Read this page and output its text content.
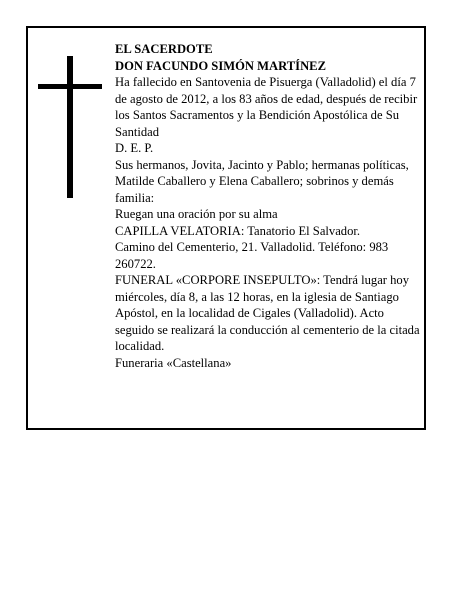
EL SACERDOTE
DON FACUNDO SIMÓN MARTÍNEZ
Ha fallecido en Santovenia de Pisuerga (Valladolid) el día 7 de agosto de 2012, a los 83 años de edad, después de recibir los Santos Sacramentos y la Bendición Apostólica de Su Santidad
D. E. P.
Sus hermanos, Jovita, Jacinto y Pablo; hermanas políticas, Matilde Caballero y Elena Caballero; sobrinos y demás familia:
Ruegan una oración por su alma
CAPILLA VELATORIA: Tanatorio El Salvador.
Camino del Cementerio, 21. Valladolid. Teléfono: 983 260722.
FUNERAL «CORPORE INSEPULTO»: Tendrá lugar hoy miércoles, día 8, a las 12 horas, en la iglesia de Santiago Apóstol, en la localidad de Cigales (Valladolid). Acto seguido se realizará la conducción al cementerio de la citada localidad.
Funeraria «Castellana»
